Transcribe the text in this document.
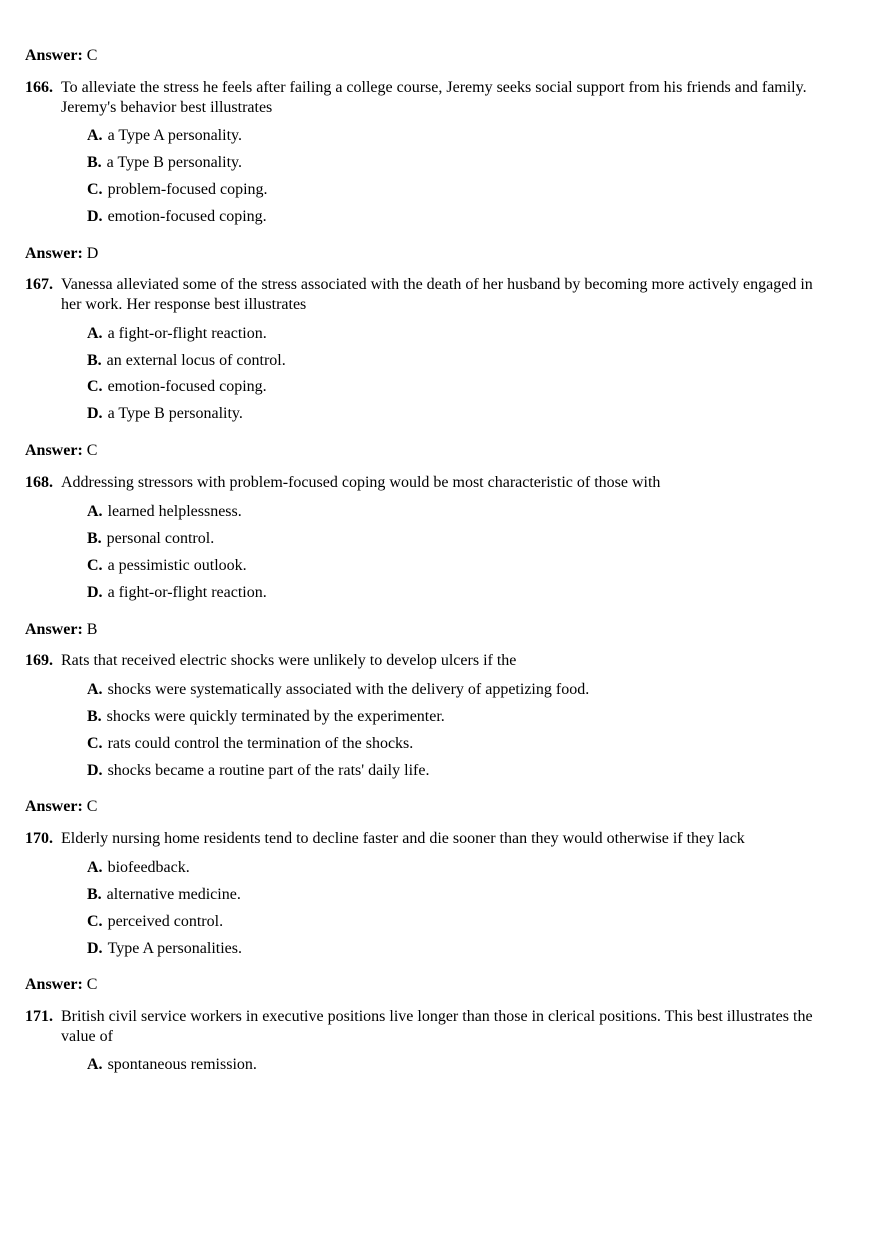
Answer: C
166. To alleviate the stress he feels after failing a college course, Jeremy seeks social support from his friends and family. Jeremy's behavior best illustrates
A. a Type A personality.
B. a Type B personality.
C. problem-focused coping.
D. emotion-focused coping.
Answer: D
167. Vanessa alleviated some of the stress associated with the death of her husband by becoming more actively engaged in her work. Her response best illustrates
A. a fight-or-flight reaction.
B. an external locus of control.
C. emotion-focused coping.
D. a Type B personality.
Answer: C
168. Addressing stressors with problem-focused coping would be most characteristic of those with
A. learned helplessness.
B. personal control.
C. a pessimistic outlook.
D. a fight-or-flight reaction.
Answer: B
169. Rats that received electric shocks were unlikely to develop ulcers if the
A. shocks were systematically associated with the delivery of appetizing food.
B. shocks were quickly terminated by the experimenter.
C. rats could control the termination of the shocks.
D. shocks became a routine part of the rats' daily life.
Answer: C
170. Elderly nursing home residents tend to decline faster and die sooner than they would otherwise if they lack
A. biofeedback.
B. alternative medicine.
C. perceived control.
D. Type A personalities.
Answer: C
171. British civil service workers in executive positions live longer than those in clerical positions. This best illustrates the value of
A. spontaneous remission.
